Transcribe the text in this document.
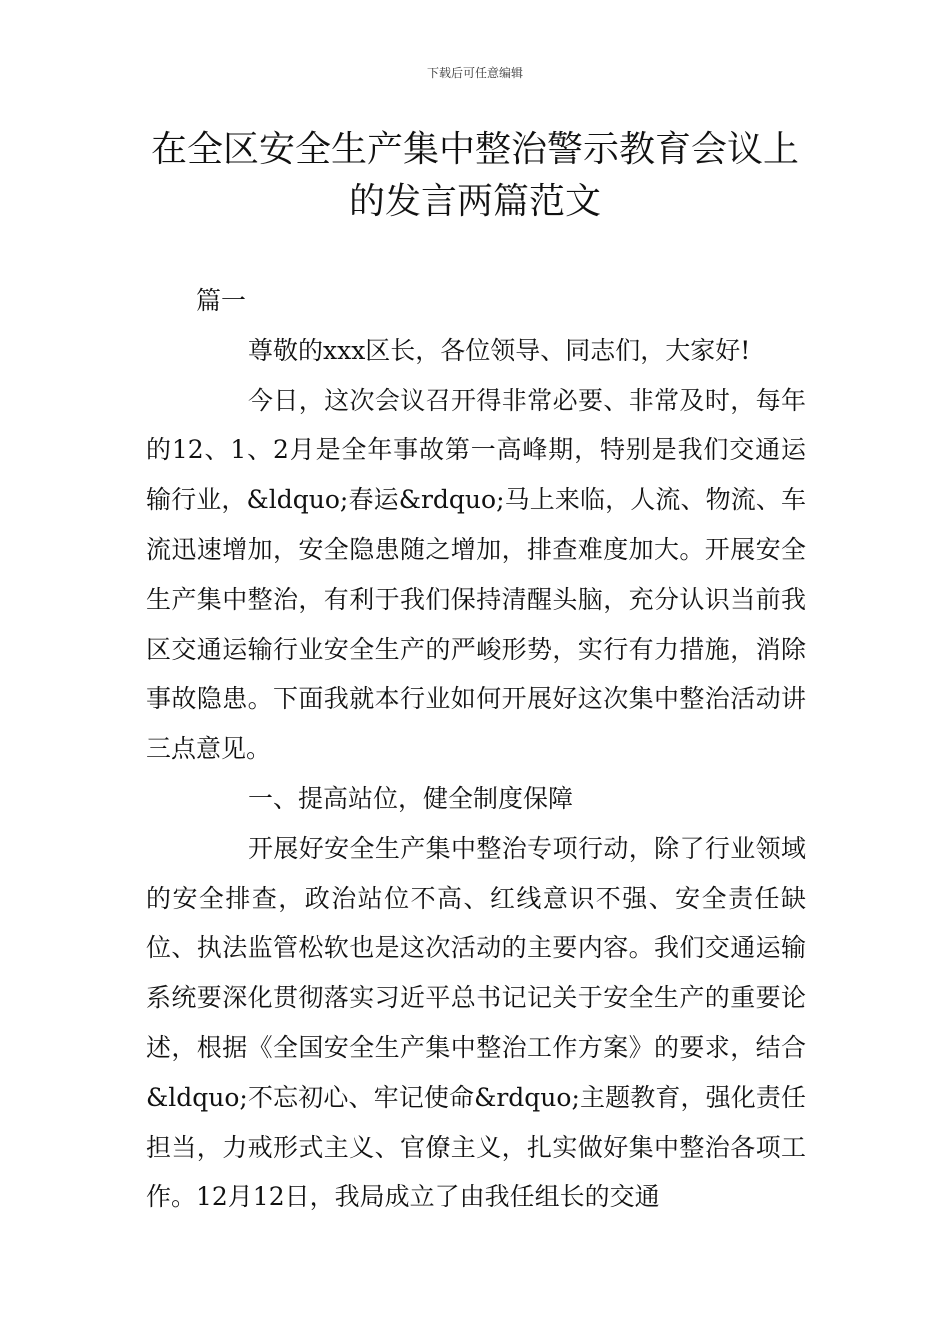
下载后可任意编辑
在全区安全生产集中整治警示教育会议上
的发言两篇范文

篇一

尊敬的xxx区长，各位领导、同志们，大家好!

今日，这次会议召开得非常必要、非常及时，每年的12、1、2月是全年事故第一高峰期，特别是我们交通运输行业，&ldquo;春运&rdquo;马上来临，人流、物流、车流迅速增加，安全隐患随之增加，排查难度加大。开展安全生产集中整治，有利于我们保持清醒头脑，充分认识当前我区交通运输行业安全生产的严峻形势，实行有力措施，消除事故隐患。下面我就本行业如何开展好这次集中整治活动讲三点意见。

一、提高站位，健全制度保障

开展好安全生产集中整治专项行动，除了行业领域的安全排查，政治站位不高、红线意识不强、安全责任缺位、执法监管松软也是这次活动的主要内容。我们交通运输系统要深化贯彻落实习近平总书记记关于安全生产的重要论述，根据《全国安全生产集中整治工作方案》的要求，结合&ldquo;不忘初心、牢记使命&rdquo;主题教育，强化责任担当，力戒形式主义、官僚主义，扎实做好集中整治各项工作。12月12日，我局成立了由我任组长的交通
